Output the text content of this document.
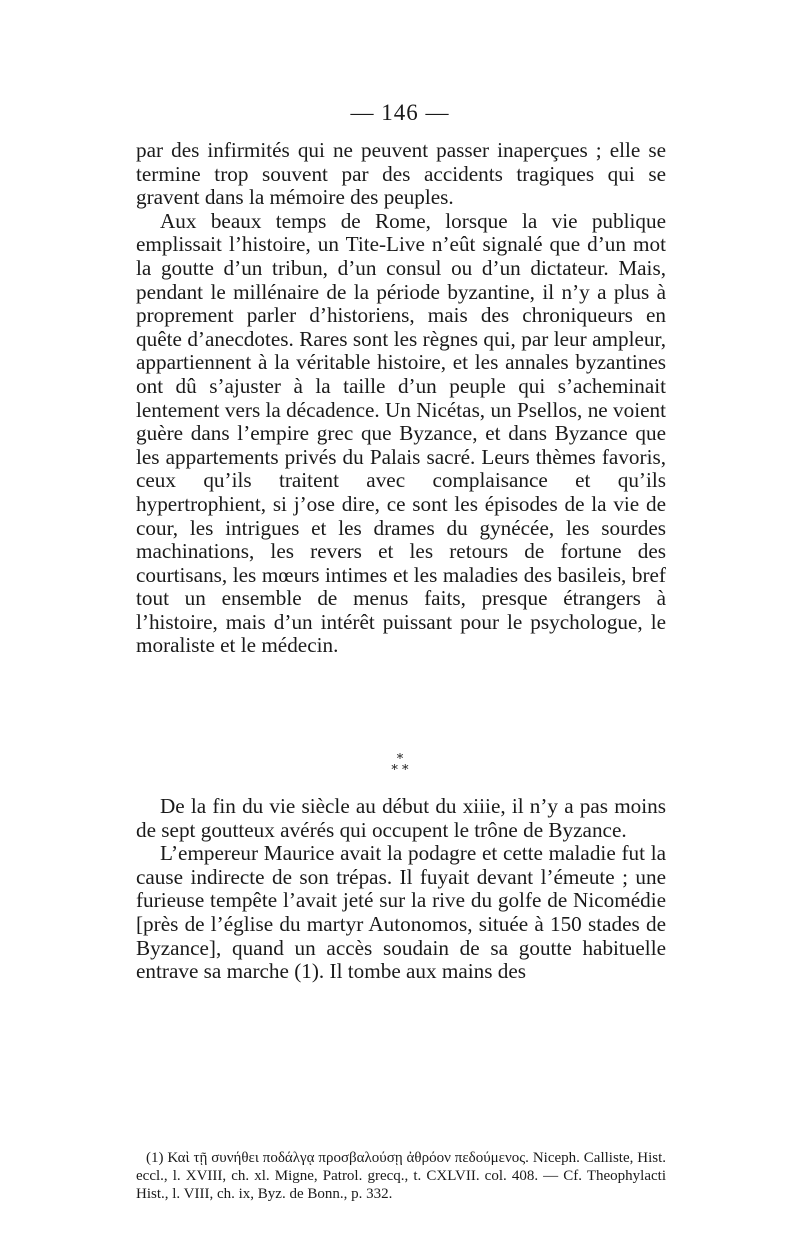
— 146 —

par des infirmités qui ne peuvent passer inaperçues ; elle se termine trop souvent par des accidents tragiques qui se gravent dans la mémoire des peuples.

Aux beaux temps de Rome, lorsque la vie publique emplissait l’histoire, un Tite-Live n’eût signalé que d’un mot la goutte d’un tribun, d’un consul ou d’un dictateur. Mais, pendant le millénaire de la période byzantine, il n’y a plus à proprement parler d’historiens, mais des chroniqueurs en quête d’anecdotes. Rares sont les règnes qui, par leur ampleur, appartiennent à la véritable histoire, et les annales byzantines ont dû s’ajuster à la taille d’un peuple qui s’acheminait lentement vers la décadence. Un Nicétas, un Psellos, ne voient guère dans l’empire grec que Byzance, et dans Byzance que les appartements privés du Palais sacré. Leurs thèmes favoris, ceux qu’ils traitent avec complaisance et qu’ils hypertrophient, si j’ose dire, ce sont les épisodes de la vie de cour, les intrigues et les drames du gynécée, les sourdes machinations, les revers et les retours de fortune des courtisans, les mœurs intimes et les maladies des basileis, bref tout un ensemble de menus faits, presque étrangers à l’histoire, mais d’un intérêt puissant pour le psychologue, le moraliste et le médecin.

*
* *

De la fin du vie siècle au début du xiiie, il n’y a pas moins de sept goutteux avérés qui occupent le trône de Byzance.

L’empereur Maurice avait la podagre et cette maladie fut la cause indirecte de son trépas. Il fuyait devant l’émeute ; une furieuse tempête l’avait jeté sur la rive du golfe de Nicomédie [près de l’église du martyr Autonomos, située à 150 stades de Byzance], quand un accès soudain de sa goutte habituelle entrave sa marche (1). Il tombe aux mains des

(1) Καὶ τῇ συνήθει ποδάλγᾳ προσβαλούσῃ ἀθρόον πεδούμενος. Niceph. Calliste, Hist. eccl., l. XVIII, ch. xl. Migne, Patrol. grecq., t. CXLVII. col. 408. — Cf. Theophylacti Hist., l. VIII, ch. ix, Byz. de Bonn., p. 332.
